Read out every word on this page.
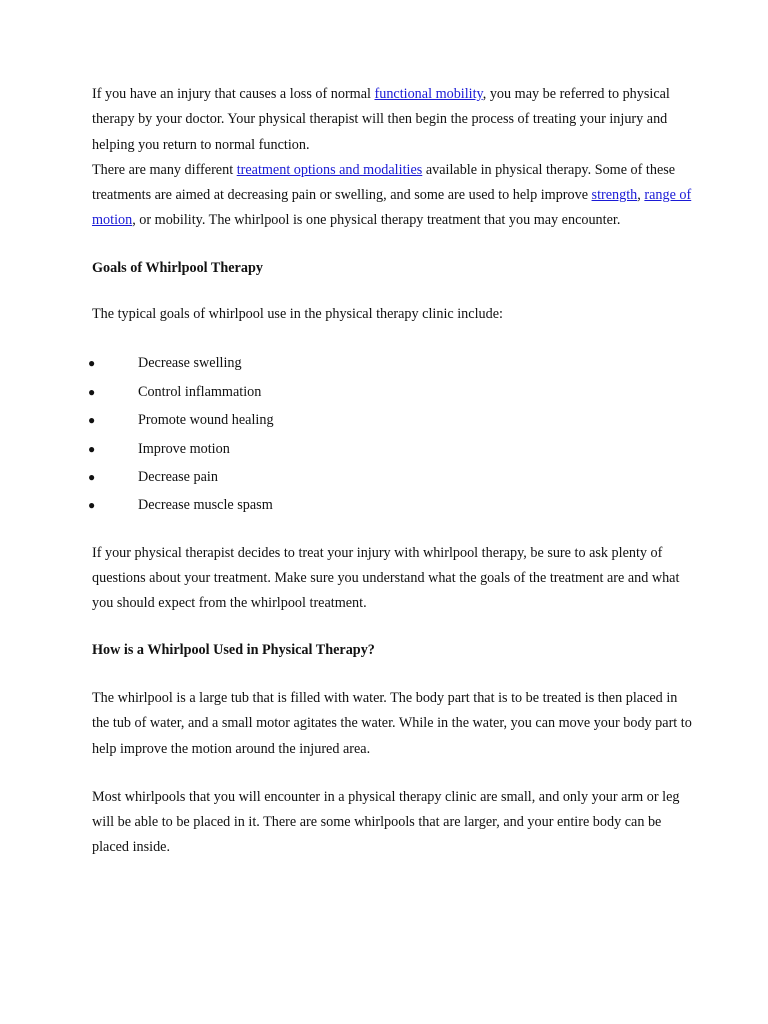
If you have an injury that causes a loss of normal functional mobility, you may be referred to physical therapy by your doctor. Your physical therapist will then begin the process of treating your injury and helping you return to normal function.

There are many different treatment options and modalities available in physical therapy. Some of these treatments are aimed at decreasing pain or swelling, and some are used to help improve strength, range of motion, or mobility. The whirlpool is one physical therapy treatment that you may encounter.

Goals of Whirlpool Therapy

The typical goals of whirlpool use in the physical therapy clinic include:

●	Decrease swelling
●	Control inflammation
●	Promote wound healing
●	Improve motion
●	Decrease pain
●	Decrease muscle spasm

If your physical therapist decides to treat your injury with whirlpool therapy, be sure to ask plenty of questions about your treatment. Make sure you understand what the goals of the treatment are and what you should expect from the whirlpool treatment.

How is a Whirlpool Used in Physical Therapy?

The whirlpool is a large tub that is filled with water. The body part that is to be treated is then placed in the tub of water, and a small motor agitates the water. While in the water, you can move your body part to help improve the motion around the injured area.

Most whirlpools that you will encounter in a physical therapy clinic are small, and only your arm or leg will be able to be placed in it. There are some whirlpools that are larger, and your entire body can be placed inside.
